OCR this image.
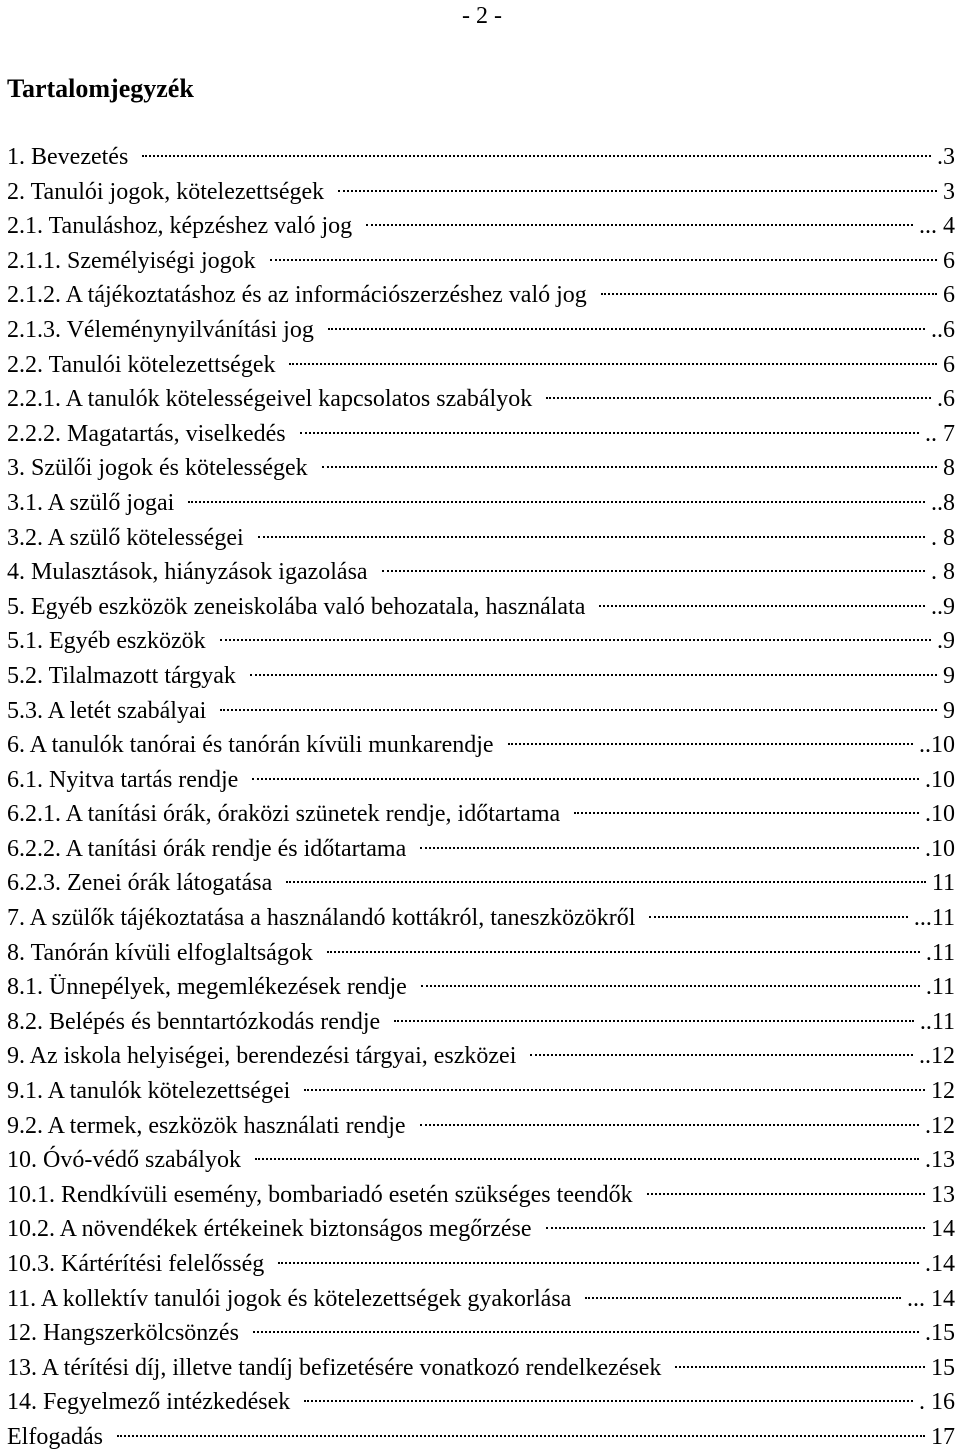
- 2 -
Tartalomjegyzék
1. Bevezetés	.3
2. Tanulói jogok, kötelezettségek	3
2.1. Tanuláshoz, képzéshez való jog	... 4
2.1.1. Személyiségi jogok	6
2.1.2. A tájékoztatáshoz és az információszerzéshez való jog	6
2.1.3. Véleménynyilvánítási jog	..6
2.2. Tanulói kötelezettségek	6
2.2.1. A tanulók kötelességeivel kapcsolatos szabályok	.6
2.2.2. Magatartás, viselkedés	.. 7
3. Szülői jogok és kötelességek	8
3.1. A szülő jogai	..8
3.2. A szülő kötelességei	. 8
4. Mulasztások, hiányzások igazolása	. 8
5. Egyéb eszközök zeneiskolába való behozatala, használata	..9
5.1. Egyéb eszközök	.9
5.2. Tilalmazott tárgyak	9
5.3. A letét szabályai	9
6. A tanulók tanórai és tanórán kívüli munkarendje	..10
6.1. Nyitva tartás rendje	.10
6.2.1. A tanítási órák, óraközi szünetek rendje, időtartama	.10
6.2.2. A tanítási órák rendje és időtartama	.10
6.2.3. Zenei órák látogatása	11
7. A szülők tájékoztatása a használandó kottákról, taneszközökről	...11
8. Tanórán kívüli elfoglaltságok	.11
8.1. Ünnepélyek, megemlékezések rendje	.11
8.2. Belépés és benntartózkodás rendje	..11
9. Az iskola helyiségei, berendezési tárgyai, eszközei	..12
9.1. A tanulók kötelezettségei	12
9.2. A termek, eszközök használati rendje	.12
10. Óvó-védő szabályok	.13
10.1. Rendkívüli esemény, bombariadó esetén szükséges teendők	13
10.2. A növendékek értékeinek biztonságos megőrzése	14
10.3. Kártérítési felelősség	.14
11. A kollektív tanulói jogok és kötelezettségek gyakorlása	... 14
12. Hangszerkölcsönzés	.15
13. A térítési díj, illetve tandíj befizetésére vonatkozó rendelkezések	15
14. Fegyelmező intézkedések	. 16
Elfogadás	17
